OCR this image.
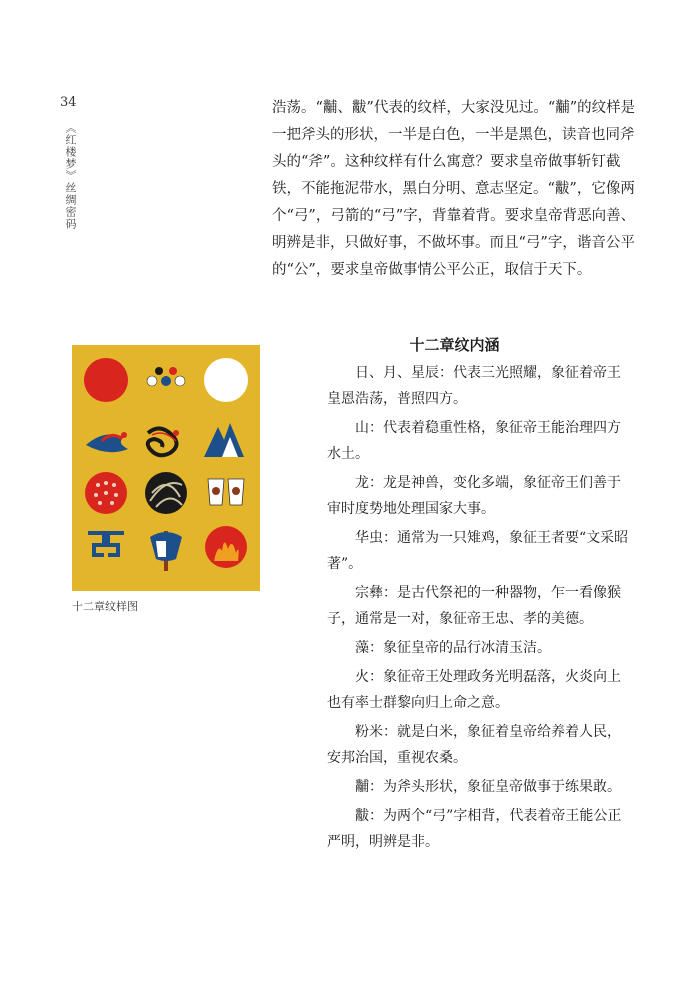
34
《红楼梦》丝绸密码

浩荡。“黼、黻”代表的纹样，大家没见过。“黼”的纹样是一把斧头的形状，一半是白色，一半是黑色，读音也同斧头的“斧”。这种纹样有什么寓意？要求皇帝做事斩钉截铁，不能拖泥带水，黑白分明、意志坚定。“黻”，它像两个“弓”，弓箭的“弓”字，背靠着背。要求皇帝背恶向善、明辨是非，只做好事，不做坏事。而且“弓”字，谐音公平的“公”，要求皇帝做事情公平公正，取信于天下。

十二章纹样图
十二章纹内涵

日、月、星辰：代表三光照耀，象征着帝王皇恩浩荡，普照四方。

山：代表着稳重性格，象征帝王能治理四方水土。

龙：龙是神兽，变化多端，象征帝王们善于审时度势地处理国家大事。

华虫：通常为一只雉鸡，象征王者要“文采昭著”。

宗彝：是古代祭祀的一种器物，乍一看像猴子，通常是一对，象征帝王忠、孝的美德。

藻：象征皇帝的品行冰清玉洁。

火：象征帝王处理政务光明磊落，火炎向上也有率士群黎向归上命之意。

粉米：就是白米，象征着皇帝给养着人民，安邦治国，重视农桑。

黼：为斧头形状，象征皇帝做事于练果敢。

黻：为两个“弓”字相背，代表着帝王能公正严明，明辨是非。
